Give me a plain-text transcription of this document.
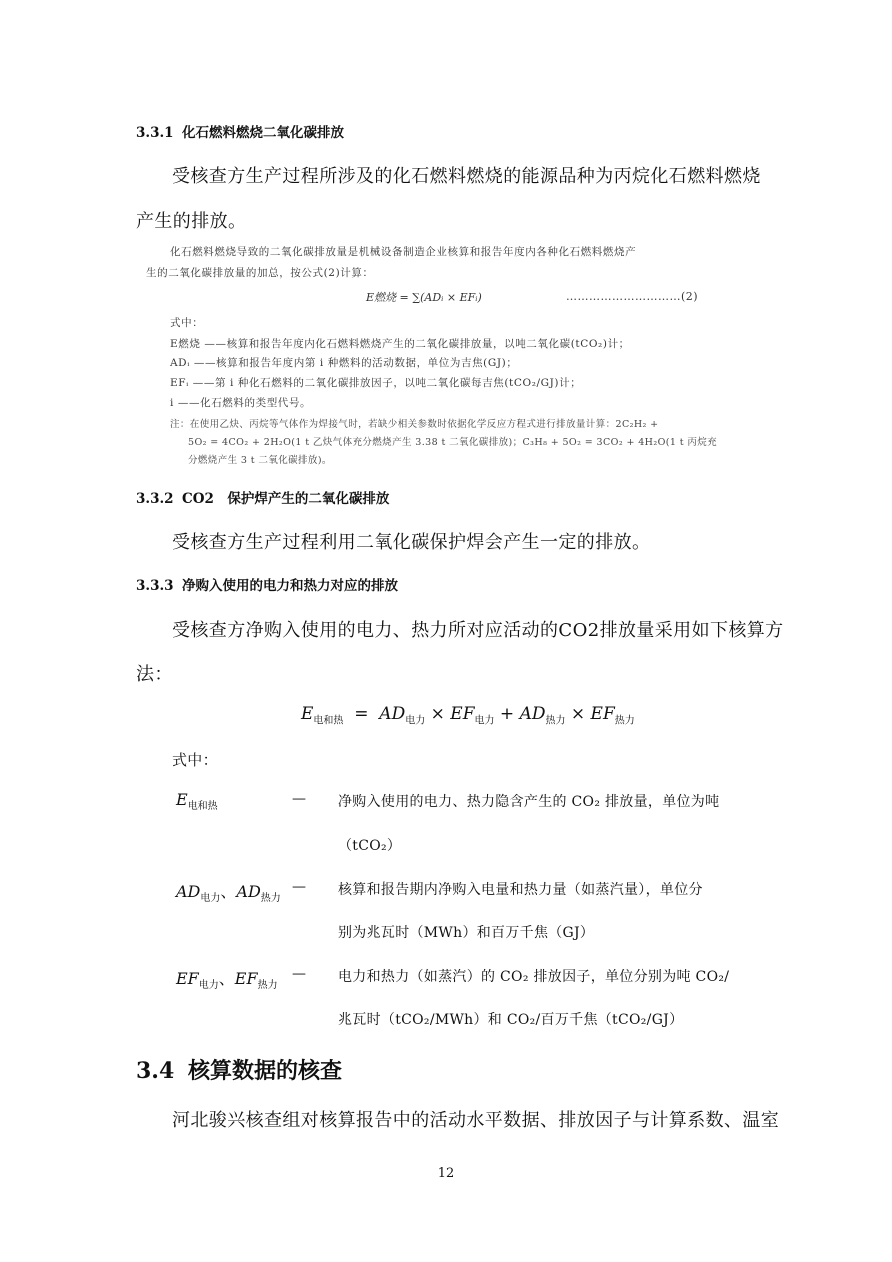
3.3.1 化石燃料燃烧二氧化碳排放
受核查方生产过程所涉及的化石燃料燃烧的能源品种为丙烷化石燃料燃烧
产生的排放。
化石燃料燃烧导致的二氧化碳排放量是机械设备制造企业核算和报告年度内各种化石燃料燃烧产
生的二氧化碳排放量的加总，按公式(2)计算：
E燃烧 = ∑(ADᵢ × EFᵢ)	…………………………(2)
式中：
E燃烧 ——核算和报告年度内化石燃料燃烧产生的二氧化碳排放量，以吨二氧化碳(tCO₂)计；
ADᵢ ——核算和报告年度内第 i 种燃料的活动数据，单位为吉焦(GJ)；
EFᵢ ——第 i 种化石燃料的二氧化碳排放因子，以吨二氧化碳每吉焦(tCO₂/GJ)计；
i ——化石燃料的类型代号。
注：在使用乙炔、丙烷等气体作为焊接气时，若缺少相关参数时依据化学反应方程式进行排放量计算：2C₂H₂ +
5O₂ = 4CO₂ + 2H₂O(1 t 乙炔气体充分燃烧产生 3.38 t 二氧化碳排放)；C₃H₈ + 5O₂ = 3CO₂ + 4H₂O(1 t 丙烷充
分燃烧产生 3 t 二氧化碳排放)。
3.3.2 CO2　保护焊产生的二氧化碳排放
受核查方生产过程利用二氧化碳保护焊会产生一定的排放。
3.3.3 净购入使用的电力和热力对应的排放
受核查方净购入使用的电力、热力所对应活动的CO2排放量采用如下核算方
法：
$E_{电和热} = AD_{电力} \times EF_{电力} + AD_{热力} \times EF_{热力}$
式中：
$E_{电和热}$	— 净购入使用的电力、热力隐含产生的 CO₂ 排放量，单位为吨
（tCO₂）
$AD_{电力}$、$AD_{热力}$
— 核算和报告期内净购入电量和热力量（如蒸汽量），单位分
别为兆瓦时（MWh）和百万千焦（GJ）
$EF_{电力}$、$EF_{热力}$
— 电力和热力（如蒸汽）的 CO₂ 排放因子，单位分别为吨 CO₂/
兆瓦时（tCO₂/MWh）和 CO₂/百万千焦（tCO₂/GJ）
3.4 核算数据的核查
河北骏兴核查组对核算报告中的活动水平数据、排放因子与计算系数、温室
12
